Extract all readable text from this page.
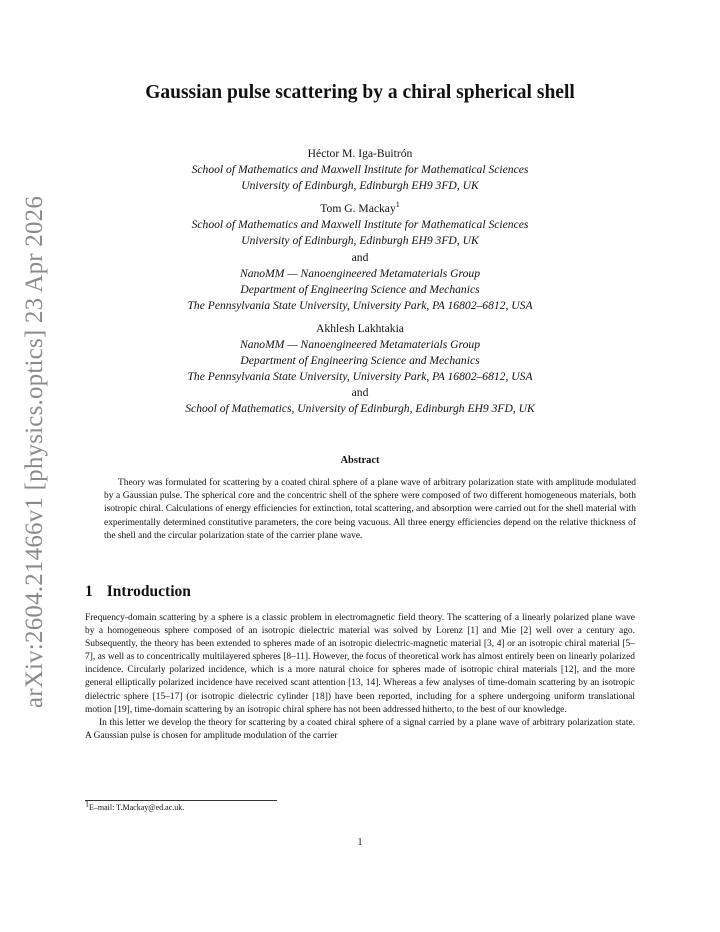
arXiv:2604.21466v1 [physics.optics] 23 Apr 2026
Gaussian pulse scattering by a chiral spherical shell
Héctor M. Iga-Buitrón
School of Mathematics and Maxwell Institute for Mathematical Sciences
University of Edinburgh, Edinburgh EH9 3FD, UK
Tom G. Mackay$^1$
School of Mathematics and Maxwell Institute for Mathematical Sciences
University of Edinburgh, Edinburgh EH9 3FD, UK
and
NanoMM — Nanoengineered Metamaterials Group
Department of Engineering Science and Mechanics
The Pennsylvania State University, University Park, PA 16802–6812, USA
Akhlesh Lakhtakia
NanoMM — Nanoengineered Metamaterials Group
Department of Engineering Science and Mechanics
The Pennsylvania State University, University Park, PA 16802–6812, USA
and
School of Mathematics, University of Edinburgh, Edinburgh EH9 3FD, UK
Abstract

Theory was formulated for scattering by a coated chiral sphere of a plane wave of arbitrary polarization state with amplitude modulated by a Gaussian pulse. The spherical core and the concentric shell of the sphere were composed of two different homogeneous materials, both isotropic chiral. Calculations of energy efficiencies for extinction, total scattering, and absorption were carried out for the shell material with experimentally determined constitutive parameters, the core being vacuous. All three energy efficiencies depend on the relative thickness of the shell and the circular polarization state of the carrier plane wave.

1 Introduction

Frequency-domain scattering by a sphere is a classic problem in electromagnetic field theory. The scattering of a linearly polarized plane wave by a homogeneous sphere composed of an isotropic dielectric material was solved by Lorenz [1] and Mie [2] well over a century ago. Subsequently, the theory has been extended to spheres made of an isotropic dielectric-magnetic material [3, 4] or an isotropic chiral material [5–7], as well as to concentrically multilayered spheres [8–11]. However, the focus of theoretical work has almost entirely been on linearly polarized incidence. Circularly polarized incidence, which is a more natural choice for spheres made of isotropic chiral materials [12], and the more general elliptically polarized incidence have received scant attention [13, 14]. Whereas a few analyses of time-domain scattering by an isotropic dielectric sphere [15–17] (or isotropic dielectric cylinder [18]) have been reported, including for a sphere undergoing uniform translational motion [19], time-domain scattering by an isotropic chiral sphere has not been addressed hitherto, to the best of our knowledge.

In this letter we develop the theory for scattering by a coated chiral sphere of a signal carried by a plane wave of arbitrary polarization state. A Gaussian pulse is chosen for amplitude modulation of the carrier

$^1$E–mail: T.Mackay@ed.ac.uk.
1
